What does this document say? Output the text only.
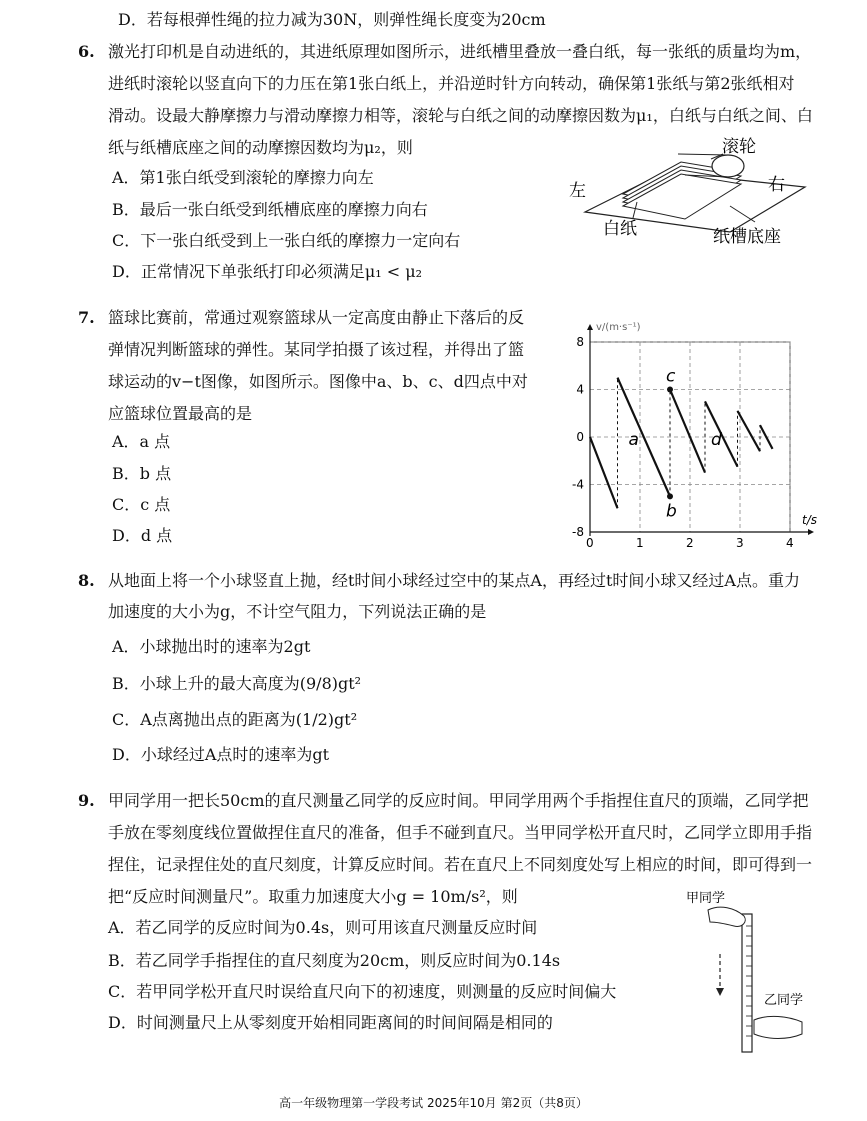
D．若每根弹性绳的拉力减为30N，则弹性绳长度变为20cm
6. 激光打印机是自动进纸的，其进纸原理如图所示，进纸槽里叠放一叠白纸，每一张纸的质量均为m，
进纸时滚轮以竖直向下的力压在第1张白纸上，并沿逆时针方向转动，确保第1张纸与第2张纸相对
滑动。设最大静摩擦力与滑动摩擦力相等，滚轮与白纸之间的动摩擦因数为μ₁，白纸与白纸之间、白
纸与纸槽底座之间的动摩擦因数均为μ₂，则
A．第1张白纸受到滚轮的摩擦力向左
B．最后一张白纸受到纸槽底座的摩擦力向右
C．下一张白纸受到上一张白纸的摩擦力一定向右
D．正常情况下单张纸打印必须满足μ₁ < μ₂
滚轮
左	右
白纸	纸槽底座
7. 篮球比赛前，常通过观察篮球从一定高度由静止下落后的反
弹情况判断篮球的弹性。某同学拍摄了该过程，并得出了篮
球运动的v−t图像，如图所示。图像中a、b、c、d四点中对
应篮球位置最高的是
A．a 点
B．b 点
C．c 点
D．d 点	0	1	2	3	4
8
4
0
-4
-8
t/s
v/(m·s⁻¹)
a
b
c
d
8. 从地面上将一个小球竖直上抛，经t时间小球经过空中的某点A，再经过t时间小球又经过A点。重力
加速度的大小为g，不计空气阻力，下列说法正确的是
A．小球抛出时的速率为2gt
B．小球上升的最大高度为(9/8)gt²
C．A点离抛出点的距离为(1/2)gt²
D．小球经过A点时的速率为gt
9. 甲同学用一把长50cm的直尺测量乙同学的反应时间。甲同学用两个手指捏住直尺的顶端，乙同学把
手放在零刻度线位置做捏住直尺的准备，但手不碰到直尺。当甲同学松开直尺时，乙同学立即用手指
捏住，记录捏住处的直尺刻度，计算反应时间。若在直尺上不同刻度处写上相应的时间，即可得到一
把“反应时间测量尺”。取重力加速度大小g = 10m/s²，则
A．若乙同学的反应时间为0.4s，则可用该直尺测量反应时间
B．若乙同学手指捏住的直尺刻度为20cm，则反应时间为0.14s
C．若甲同学松开直尺时误给直尺向下的初速度，则测量的反应时间偏大
D．时间测量尺上从零刻度开始相同距离间的时间间隔是相同的
甲同学
乙同学
高一年级物理第一学段考试 2025年10月 第2页（共8页）
